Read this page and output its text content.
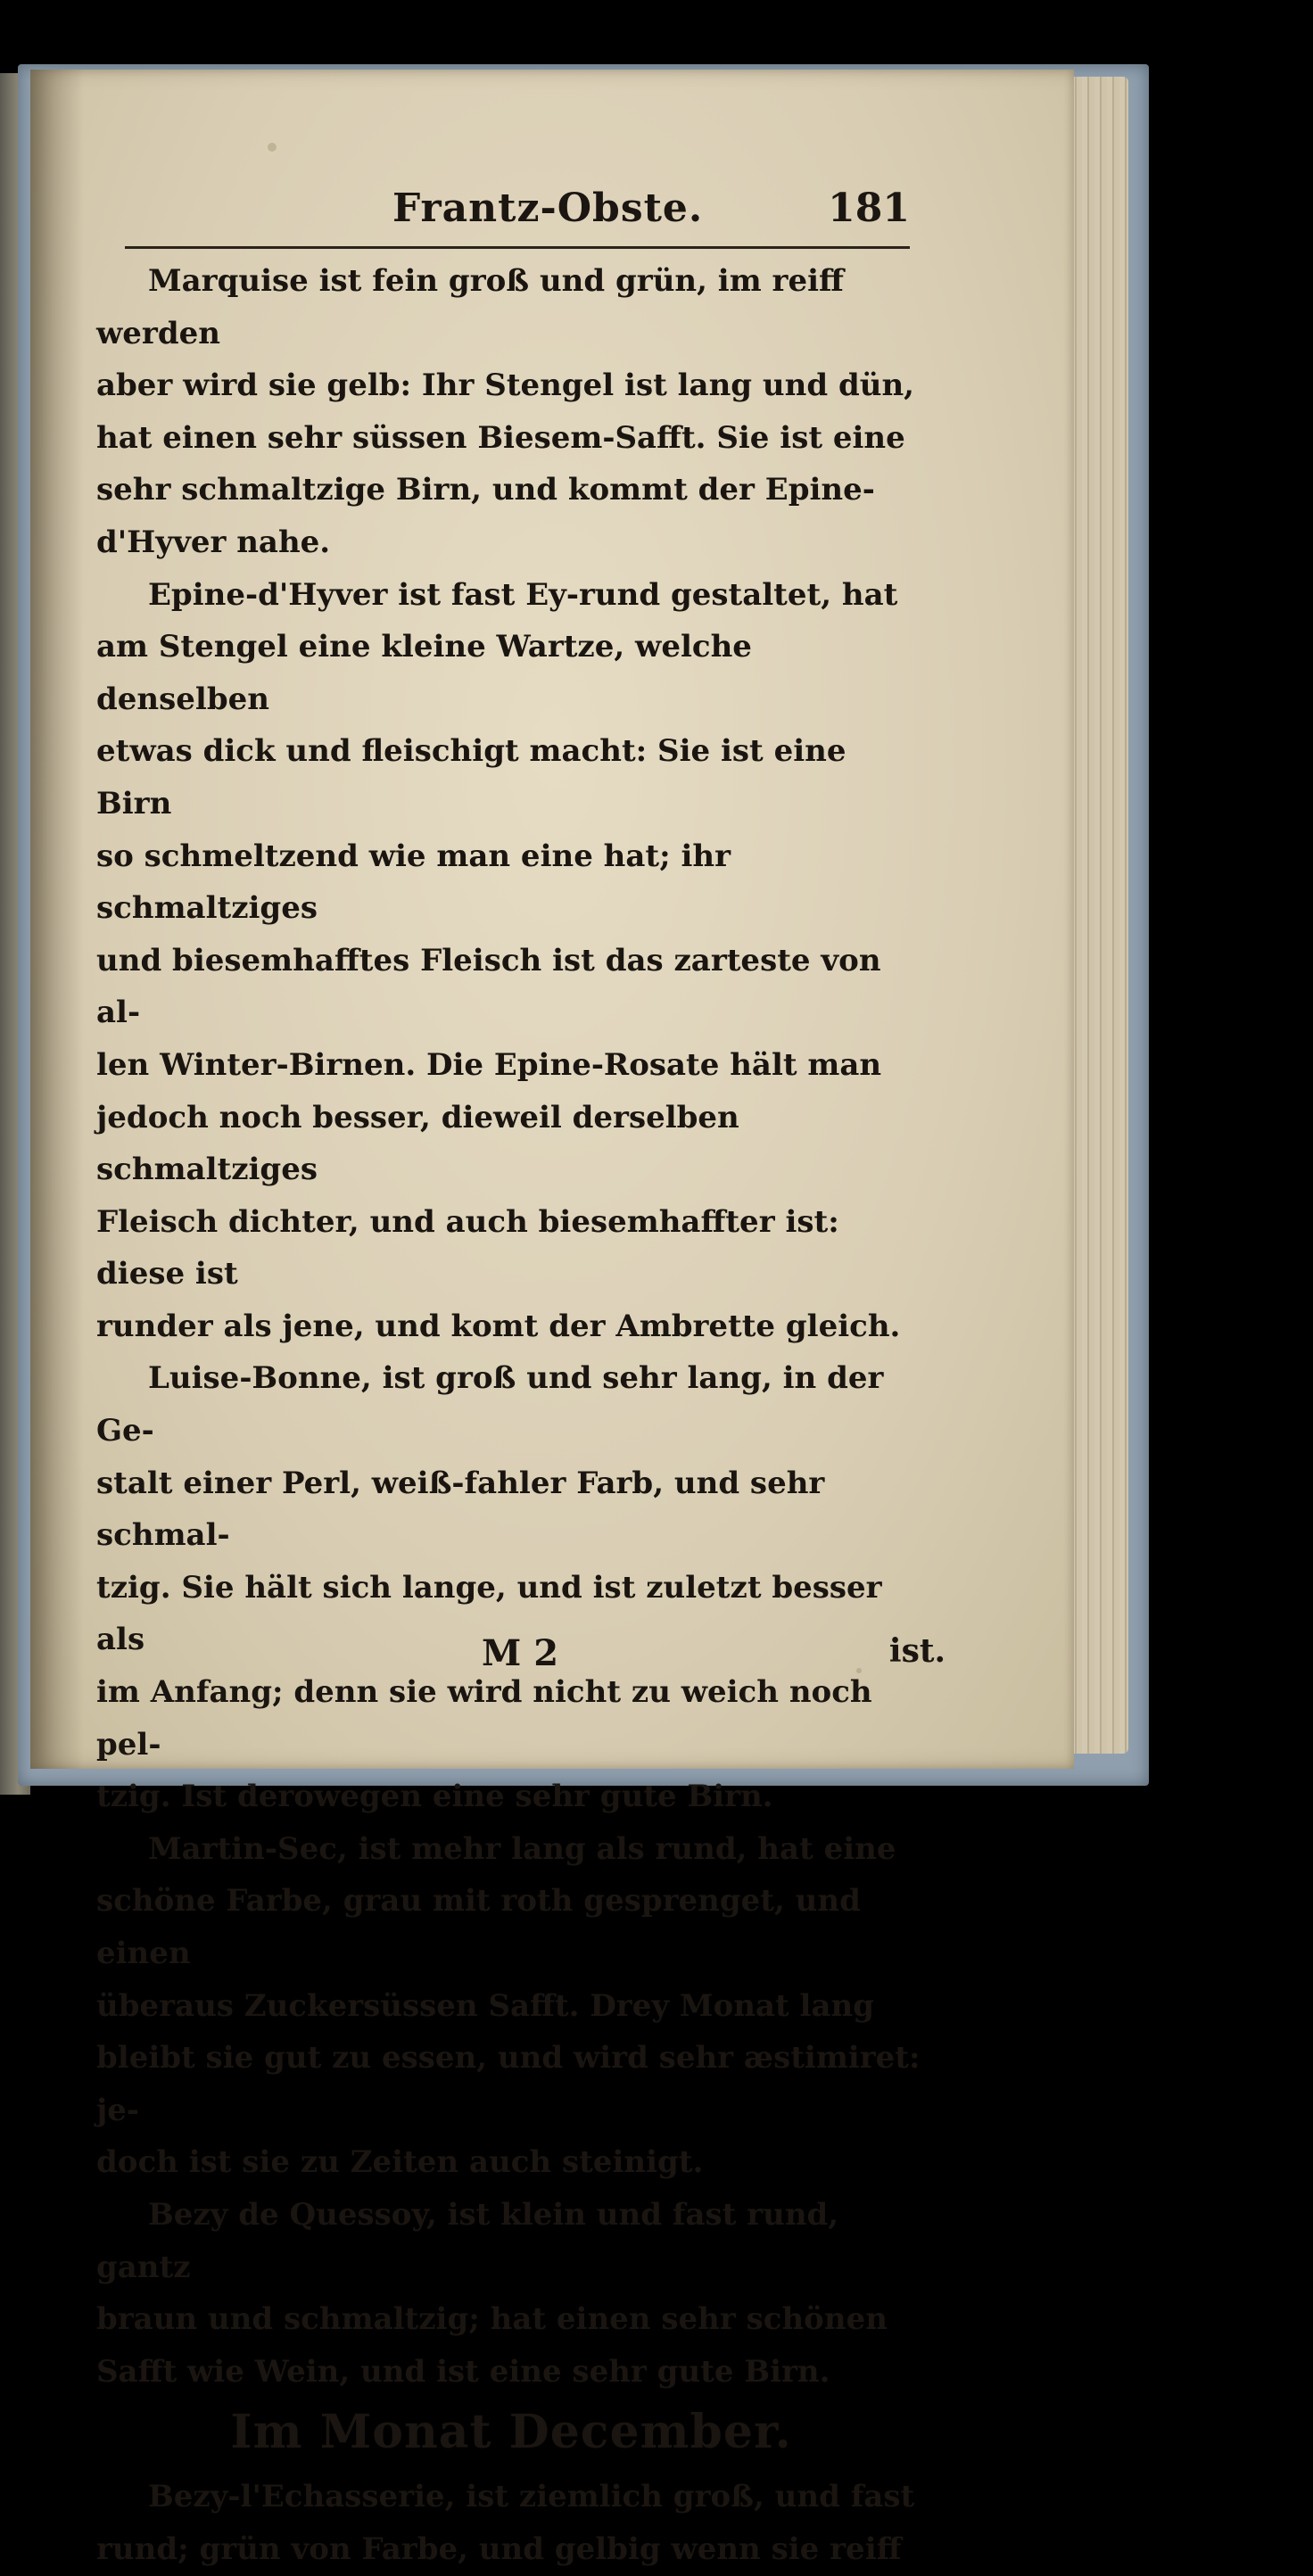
Frantz-Obste.	181
Marquise ist fein groß und grün, im reiff werden
aber wird sie gelb: Ihr Stengel ist lang und dün,
hat einen sehr süssen Biesem-Safft. Sie ist eine
sehr schmaltzige Birn, und kommt der Epine-
d'Hyver nahe.
Epine-d'Hyver ist fast Ey-rund gestaltet, hat
am Stengel eine kleine Wartze, welche denselben
etwas dick und fleischigt macht: Sie ist eine Birn
so schmeltzend wie man eine hat; ihr schmaltziges
und biesemhafftes Fleisch ist das zarteste von al-
len Winter-Birnen. Die Epine-Rosate hält man
jedoch noch besser, dieweil derselben schmaltziges
Fleisch dichter, und auch biesemhaffter ist: diese ist
runder als jene, und komt der Ambrette gleich.
Luise-Bonne, ist groß und sehr lang, in der Ge-
stalt einer Perl, weiß-fahler Farb, und sehr schmal-
tzig. Sie hält sich lange, und ist zuletzt besser als
im Anfang; denn sie wird nicht zu weich noch pel-
tzig. Ist derowegen eine sehr gute Birn.
Martin-Sec, ist mehr lang als rund, hat eine
schöne Farbe, grau mit roth gesprenget, und einen
überaus Zuckersüssen Safft. Drey Monat lang
bleibt sie gut zu essen, und wird sehr æstimiret: je-
doch ist sie zu Zeiten auch steinigt.
Bezy de Quessoy, ist klein und fast rund, gantz
braun und schmaltzig; hat einen sehr schönen
Safft wie Wein, und ist eine sehr gute Birn.

Im Monat December.

Bezy-l'Echasserie, ist ziemlich groß, und fast
rund; grün von Farbe, und gelbig wenn sie reiff
M 2	ist.
